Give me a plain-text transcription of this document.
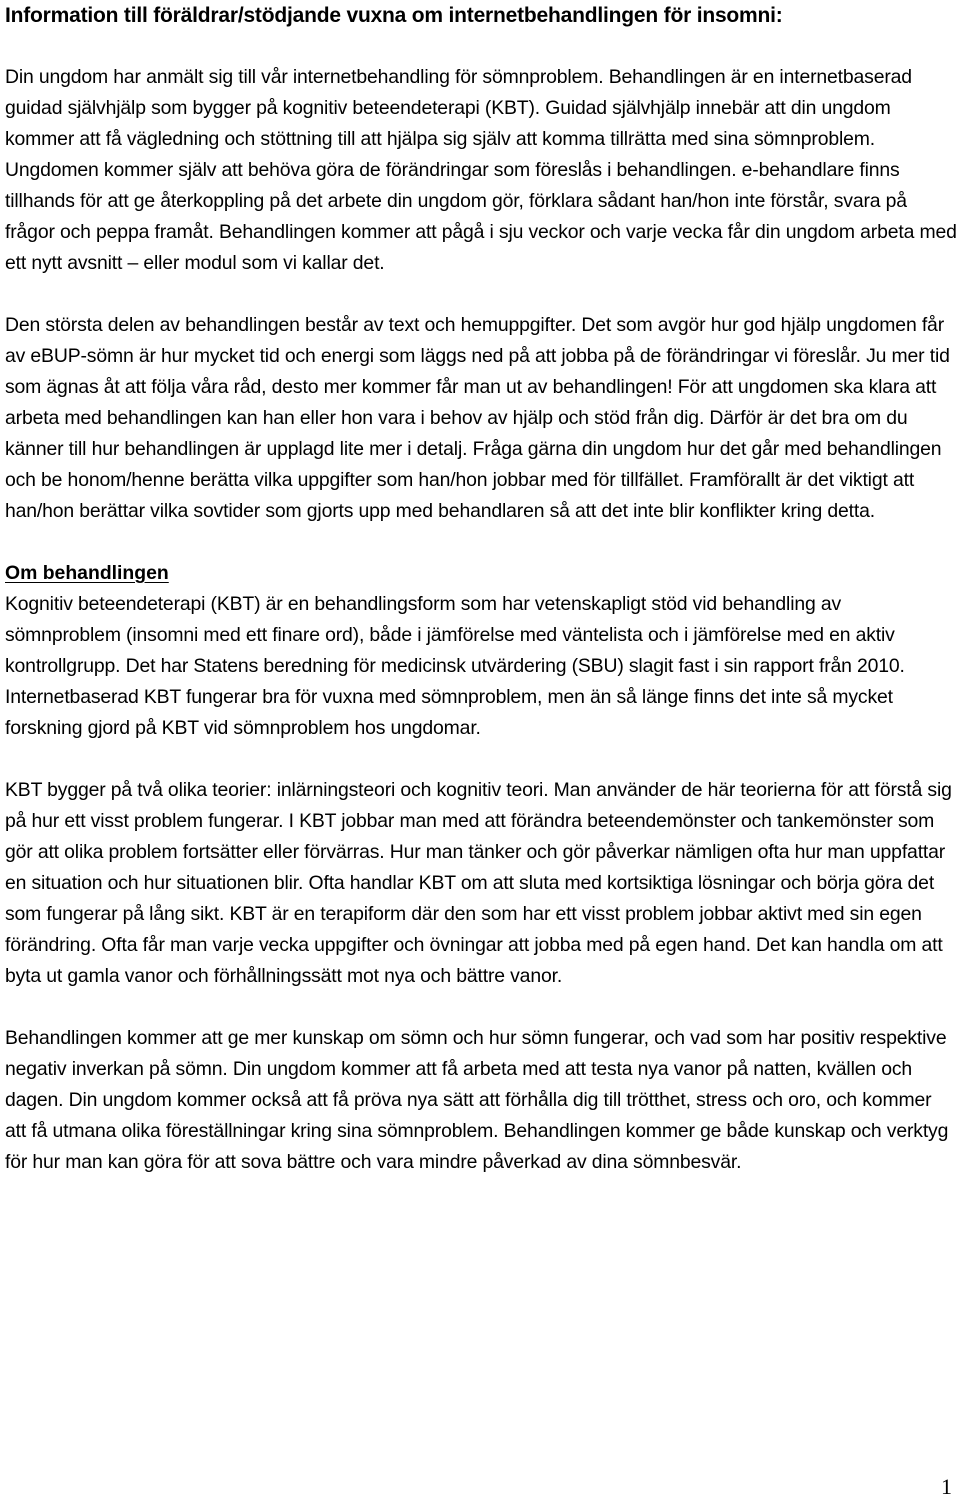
Information till föräldrar/stödjande vuxna om internetbehandlingen för insomni:

Din ungdom har anmält sig till vår internetbehandling för sömnproblem. Behandlingen är en internetbaserad guidad självhjälp som bygger på kognitiv beteendeterapi (KBT). Guidad självhjälp innebär att din ungdom kommer att få vägledning och stöttning till att hjälpa sig själv att komma tillrätta med sina sömnproblem. Ungdomen kommer själv att behöva göra de förändringar som föreslås i behandlingen. e-behandlare finns tillhands för att ge återkoppling på det arbete din ungdom gör, förklara sådant han/hon inte förstår, svara på frågor och peppa framåt. Behandlingen kommer att pågå i sju veckor och varje vecka får din ungdom arbeta med ett nytt avsnitt – eller modul som vi kallar det.

Den största delen av behandlingen består av text och hemuppgifter. Det som avgör hur god hjälp ungdomen får av eBUP-sömn är hur mycket tid och energi som läggs ned på att jobba på de förändringar vi föreslår. Ju mer tid som ägnas åt att följa våra råd, desto mer kommer får man ut av behandlingen! För att ungdomen ska klara att arbeta med behandlingen kan han eller hon vara i behov av hjälp och stöd från dig. Därför är det bra om du känner till hur behandlingen är upplagd lite mer i detalj. Fråga gärna din ungdom hur det går med behandlingen och be honom/henne berätta vilka uppgifter som han/hon jobbar med för tillfället. Framförallt är det viktigt att han/hon berättar vilka sovtider som gjorts upp med behandlaren så att det inte blir konflikter kring detta.

Om behandlingen

Kognitiv beteendeterapi (KBT) är en behandlingsform som har vetenskapligt stöd vid behandling av sömnproblem (insomni med ett finare ord), både i jämförelse med väntelista och i jämförelse med en aktiv kontrollgrupp. Det har Statens beredning för medicinsk utvärdering (SBU) slagit fast i sin rapport från 2010. Internetbaserad KBT fungerar bra för vuxna med sömnproblem, men än så länge finns det inte så mycket forskning gjord på KBT vid sömnproblem hos ungdomar.

KBT bygger på två olika teorier: inlärningsteori och kognitiv teori. Man använder de här teorierna för att förstå sig på hur ett visst problem fungerar. I KBT jobbar man med att förändra beteendemönster och tankemönster som gör att olika problem fortsätter eller förvärras. Hur man tänker och gör påverkar nämligen ofta hur man uppfattar en situation och hur situationen blir. Ofta handlar KBT om att sluta med kortsiktiga lösningar och börja göra det som fungerar på lång sikt. KBT är en terapiform där den som har ett visst problem jobbar aktivt med sin egen förändring. Ofta får man varje vecka uppgifter och övningar att jobba med på egen hand. Det kan handla om att byta ut gamla vanor och förhållningssätt mot nya och bättre vanor.

Behandlingen kommer att ge mer kunskap om sömn och hur sömn fungerar, och vad som har positiv respektive negativ inverkan på sömn. Din ungdom kommer att få arbeta med att testa nya vanor på natten, kvällen och dagen. Din ungdom kommer också att få pröva nya sätt att förhålla dig till trötthet, stress och oro, och kommer att få utmana olika föreställningar kring sina sömnproblem. Behandlingen kommer ge både kunskap och verktyg för hur man kan göra för att sova bättre och vara mindre påverkad av dina sömnbesvär.

1
